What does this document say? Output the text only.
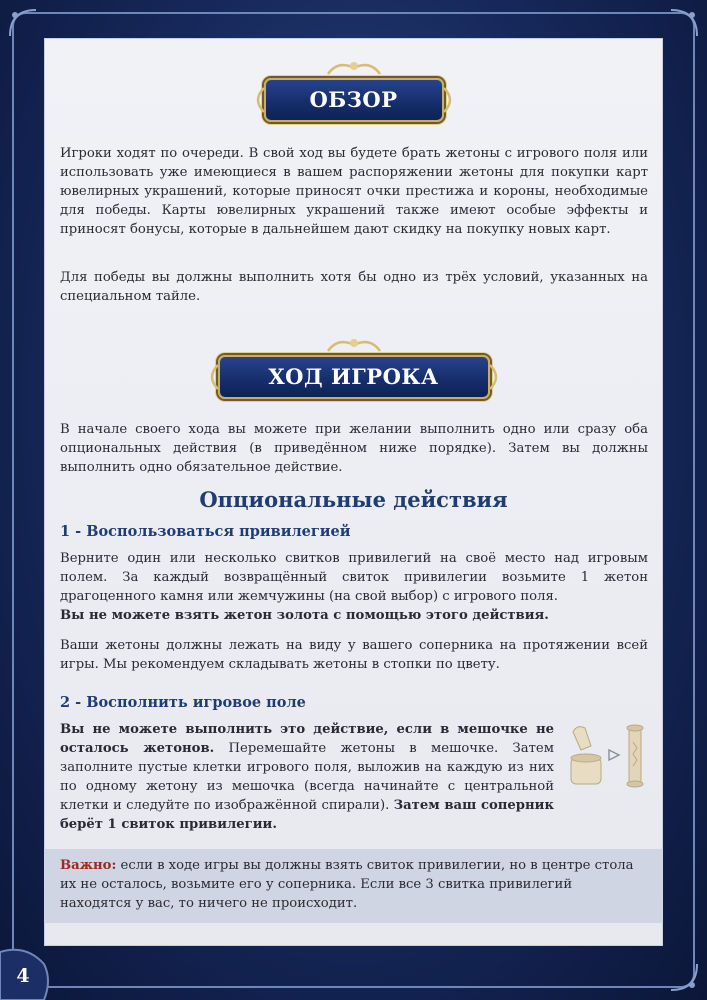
ОБЗОР

Игроки ходят по очереди. В свой ход вы будете брать жетоны с игрового поля или использовать уже имеющиеся в вашем распоряжении жетоны для покупки карт ювелирных украшений, которые приносят очки престижа и короны, необходимые для победы. Карты ювелирных украшений также имеют особые эффекты и приносят бонусы, которые в дальнейшем дают скидку на покупку новых карт.

Для победы вы должны выполнить хотя бы одно из трёх условий, указанных на специальном тайле.

ХОД ИГРОКА

В начале своего хода вы можете при желании выполнить одно или сразу оба опциональных действия (в приведённом ниже порядке). Затем вы должны выполнить одно обязательное действие.

Опциональные действия
1 - Воспользоваться привилегией

Верните один или несколько свитков привилегий на своё место над игровым полем. За каждый возвращённый свиток привилегии возьмите 1 жетон драгоценного камня или жемчужины (на свой выбор) с игрового поля.
Вы не можете взять жетон золота с помощью этого действия.

Ваши жетоны должны лежать на виду у вашего соперника на протяжении всей игры. Мы рекомендуем складывать жетоны в стопки по цвету.

2 - Восполнить игровое поле

Вы не можете выполнить это действие, если в мешочке не осталось жетонов. Перемешайте жетоны в мешочке. Затем заполните пустые клетки игрового поля, выложив на каждую из них по одному жетону из мешочка (всегда начинайте с центральной клетки и следуйте по изображённой спирали). Затем ваш соперник берёт 1 свиток привилегии.

Важно: если в ходе игры вы должны взять свиток привилегии, но в центре стола их не осталось, возьмите его у соперника. Если все 3 свитка привилегий находятся у вас, то ничего не происходит.
4
